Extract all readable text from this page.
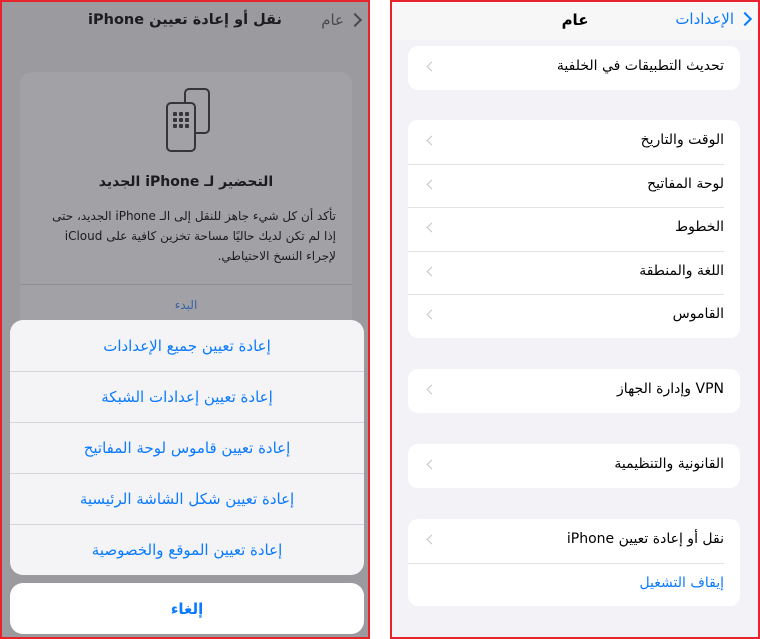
عام
نقل أو إعادة تعيين iPhone
التحضير لـ iPhone الجديد
تأكد أن كل شيء جاهز للنقل إلى الـ iPhone الجديد، حتى إذا لم تكن لديك حاليًا مساحة تخزين كافية على iCloud لإجراء النسخ الاحتياطي.
البدء
إعادة تعيين جميع الإعدادات
إعادة تعيين إعدادات الشبكة
إعادة تعيين قاموس لوحة المفاتيح
إعادة تعيين شكل الشاشة الرئيسية
إعادة تعيين الموقع والخصوصية
إلغاء
عام	الإعدادات
تحديث التطبيقات في الخلفية
الوقت والتاريخ
لوحة المفاتيح
الخطوط
اللغة والمنطقة
القاموس
VPN وإدارة الجهاز
القانونية والتنظيمية
نقل أو إعادة تعيين iPhone
إيقاف التشغيل
